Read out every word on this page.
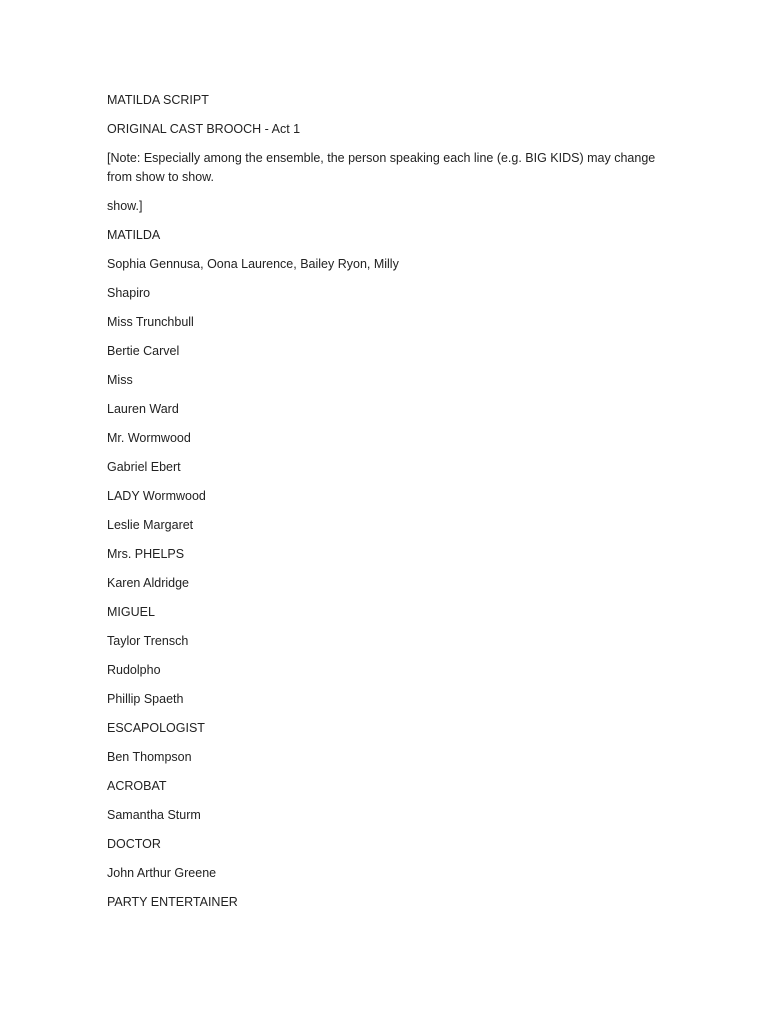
MATILDA SCRIPT

ORIGINAL CAST BROOCH - Act 1

[Note: Especially among the ensemble, the person speaking each line (e.g. BIG KIDS) may change from show to show.

show.]

MATILDA

Sophia Gennusa, Oona Laurence, Bailey Ryon, Milly

Shapiro

Miss Trunchbull

Bertie Carvel

Miss

Lauren Ward

Mr. Wormwood

Gabriel Ebert

LADY Wormwood

Leslie Margaret

Mrs. PHELPS

Karen Aldridge

MIGUEL

Taylor Trensch

Rudolpho

Phillip Spaeth

ESCAPOLOGIST

Ben Thompson

ACROBAT

Samantha Sturm

DOCTOR

John Arthur Greene

PARTY ENTERTAINER
